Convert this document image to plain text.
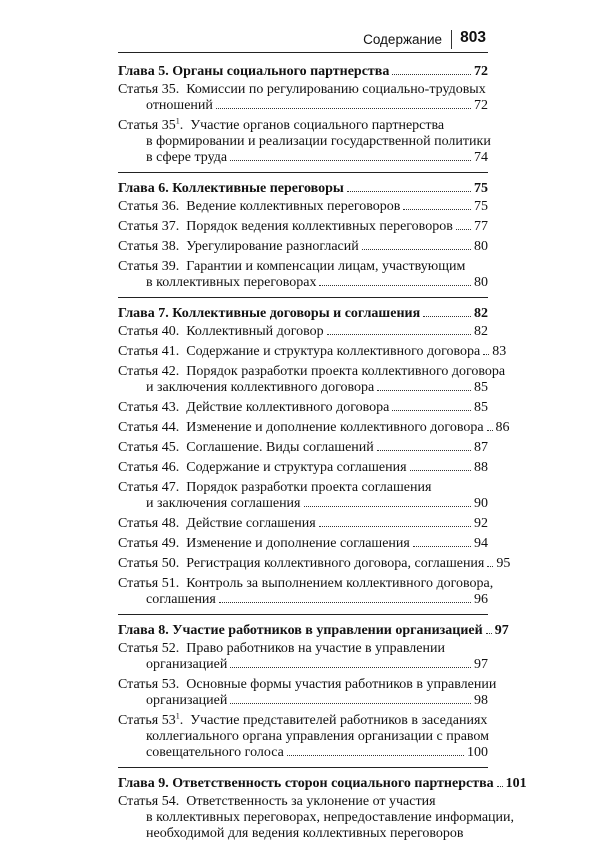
Содержание 803
Глава 5. Органы социального партнерства	72
Статья 35. Комиссии по регулированию социально-трудовых
отношений	72
Статья $35^1$. Участие органов социального партнерства
в формировании и реализации государственной политики
в сфере труда	74
Глава 6. Коллективные переговоры	75
Статья 36. Ведение коллективных переговоров	75
Статья 37. Порядок ведения коллективных переговоров 77
Статья 38. Урегулирование разногласий	80
Статья 39. Гарантии и компенсации лицам, участвующим
в коллективных переговорах	80
Глава 7. Коллективные договоры и соглашения	82
Статья 40. Коллективный договор	82
Статья 41. Содержание и структура коллективного договора 83
Статья 42. Порядок разработки проекта коллективного договора
и заключения коллективного договора	85
Статья 43. Действие коллективного договора	85
Статья 44. Изменение и дополнение коллективного договора 86
Статья 45. Соглашение. Виды соглашений	87
Статья 46. Содержание и структура соглашения	88
Статья 47. Порядок разработки проекта соглашения
и заключения соглашения	90
Статья 48. Действие соглашения	92
Статья 49. Изменение и дополнение соглашения	94
Статья 50. Регистрация коллективного договора, соглашения 95
Статья 51. Контроль за выполнением коллективного договора,
соглашения	96
Глава 8. Участие работников в управлении организацией 97
Статья 52. Право работников на участие в управлении
организацией	97
Статья 53. Основные формы участия работников в управлении
организацией	98
Статья $53^1$. Участие представителей работников в заседаниях
коллегиального органа управления организации с правом
совещательного голоса	100
Глава 9. Ответственность сторон социального партнерства 101
Статья 54. Ответственность за уклонение от участия
в коллективных переговорах, непредоставление информации,
необходимой для ведения коллективных переговоров
